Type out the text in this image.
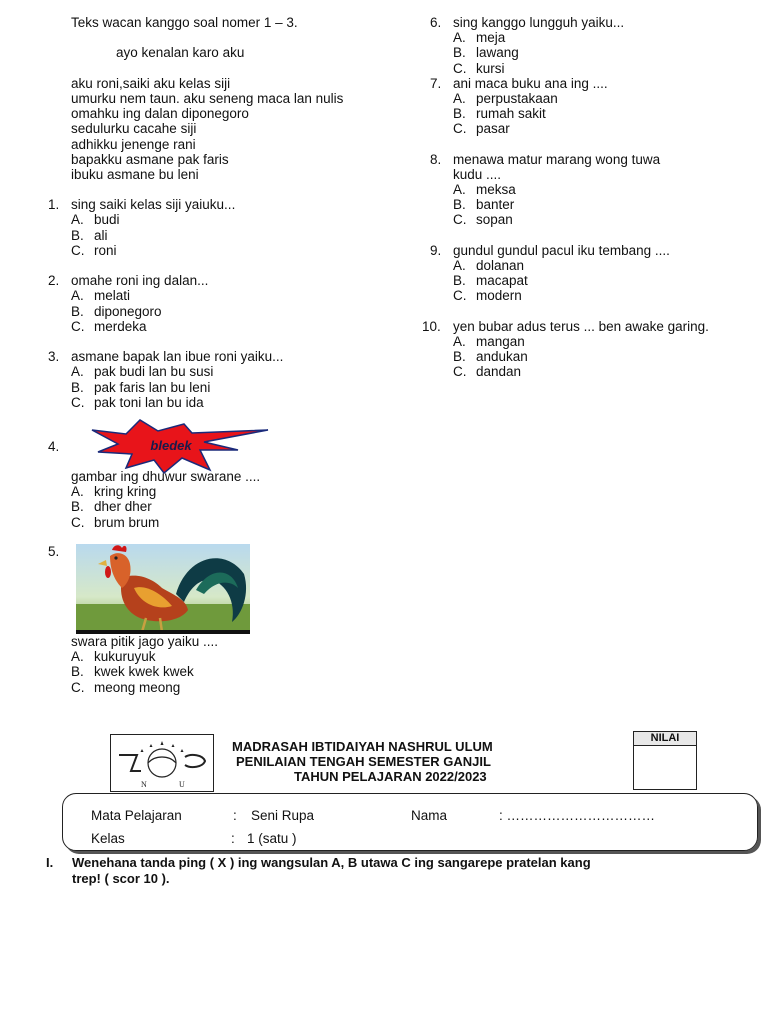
Teks wacan kanggo soal nomer 1 – 3.
ayo kenalan karo aku
aku roni,saiki aku kelas siji
umurku nem taun. aku seneng maca lan nulis
omahku ing dalan diponegoro
sedulurku cacahe siji
adhikku jenenge rani
bapakku asmane pak faris
ibuku asmane bu leni
1. sing saiki kelas siji yaiuku...
A. budi
B. ali
C. roni
2. omahe roni ing dalan...
A. melati
B. diponegoro
C. merdeka
3. asmane bapak lan ibue roni yaiku...
A. pak budi lan bu susi
B. pak faris lan bu leni
C. pak toni lan bu ida
4.	bledek
gambar ing dhuwur swarane ....
A. kring kring
B. dher dher
C. brum brum
5.
swara pitik jago yaiku ....
A. kukuruyuk
B. kwek kwek kwek
C. meong meong
6. sing kanggo lungguh yaiku...
A. meja
B. lawang
C. kursi
7. ani maca buku ana ing ....
A. perpustakaan
B. rumah sakit
C. pasar
8. menawa matur marang wong tuwa
kudu ....
A. meksa
B. banter
C. sopan
9. gundul gundul pacul iku tembang ....
A. dolanan
B. macapat
C. modern
10. yen bubar adus terus ... ben awake garing.
A. mangan
B. andukan
C. dandan
N	U
MADRASAH IBTIDAIYAH NASHRUL ULUM
PENILAIAN TENGAH SEMESTER GANJIL
TAHUN PELAJARAN 2022/2023
NILAI
Mata Pelajaran	: Seni Rupa	Nama	: ……………………………
Kelas	: 1 (satu )
I. Wenehana tanda ping ( X ) ing wangsulan A, B utawa C ing sangarepe pratelan kang
trep! ( scor 10 ).
